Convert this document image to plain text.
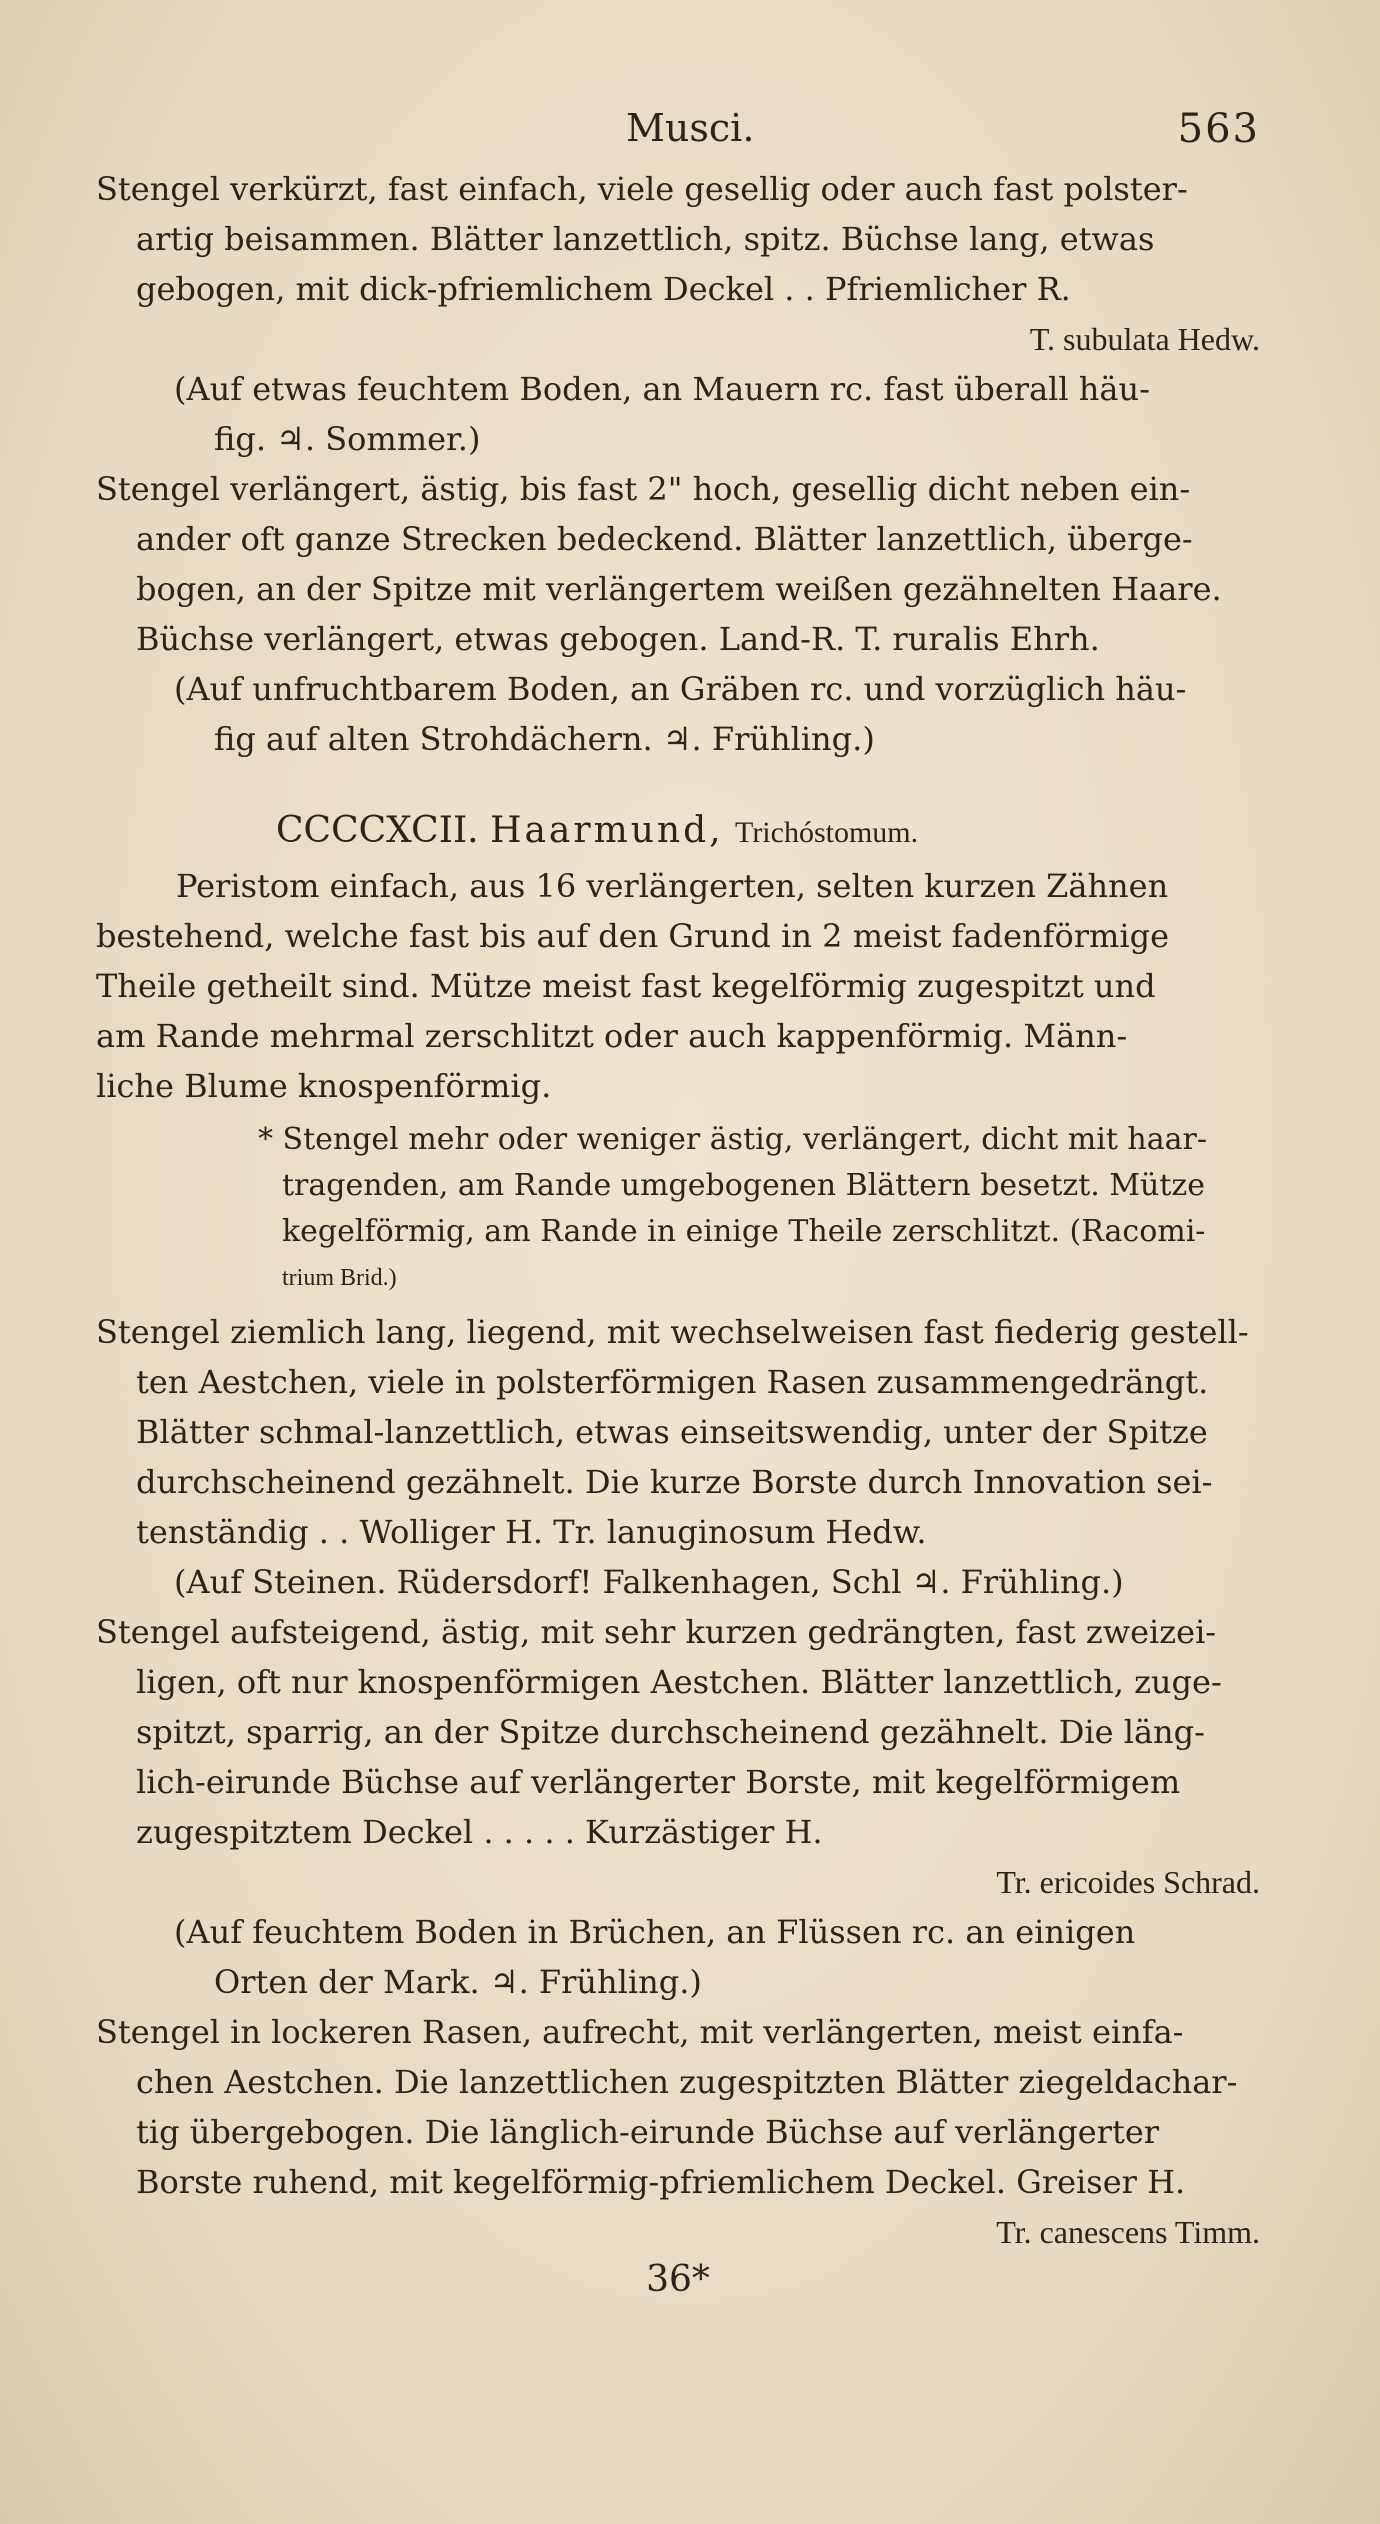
Musci.	563
Stengel verkürzt, fast einfach, viele gesellig oder auch fast polster-
artig beisammen. Blätter lanzettlich, spitz. Büchse lang, etwas
gebogen, mit dick-pfriemlichem Deckel . . Pfriemlicher R.
T. subulata Hedw.
(Auf etwas feuchtem Boden, an Mauern rc. fast überall häu-
fig. ♃. Sommer.)
Stengel verlängert, ästig, bis fast 2" hoch, gesellig dicht neben ein-
ander oft ganze Strecken bedeckend. Blätter lanzettlich, überge-
bogen, an der Spitze mit verlängertem weißen gezähnelten Haare.
Büchse verlängert, etwas gebogen. Land-R. T. ruralis Ehrh.
(Auf unfruchtbarem Boden, an Gräben rc. und vorzüglich häu-
fig auf alten Strohdächern. ♃. Frühling.)
CCCCXCII. Haarmund, Trichóstomum.
Peristom einfach, aus 16 verlängerten, selten kurzen Zähnen
bestehend, welche fast bis auf den Grund in 2 meist fadenförmige
Theile getheilt sind. Mütze meist fast kegelförmig zugespitzt und
am Rande mehrmal zerschlitzt oder auch kappenförmig. Männ-
liche Blume knospenförmig.
* Stengel mehr oder weniger ästig, verlängert, dicht mit haar-
tragenden, am Rande umgebogenen Blättern besetzt. Mütze
kegelförmig, am Rande in einige Theile zerschlitzt. (Racomi-
trium Brid.)
Stengel ziemlich lang, liegend, mit wechselweisen fast fiederig gestell-
ten Aestchen, viele in polsterförmigen Rasen zusammengedrängt.
Blätter schmal-lanzettlich, etwas einseitswendig, unter der Spitze
durchscheinend gezähnelt. Die kurze Borste durch Innovation sei-
tenständig . . Wolliger H. Tr. lanuginosum Hedw.
(Auf Steinen. Rüdersdorf! Falkenhagen, Schl ♃. Frühling.)
Stengel aufsteigend, ästig, mit sehr kurzen gedrängten, fast zweizei-
ligen, oft nur knospenförmigen Aestchen. Blätter lanzettlich, zuge-
spitzt, sparrig, an der Spitze durchscheinend gezähnelt. Die läng-
lich-eirunde Büchse auf verlängerter Borste, mit kegelförmigem
zugespitztem Deckel . . . . . Kurzästiger H.
Tr. ericoides Schrad.
(Auf feuchtem Boden in Brüchen, an Flüssen rc. an einigen
Orten der Mark. ♃. Frühling.)
Stengel in lockeren Rasen, aufrecht, mit verlängerten, meist einfa-
chen Aestchen. Die lanzettlichen zugespitzten Blätter ziegeldachar-
tig übergebogen. Die länglich-eirunde Büchse auf verlängerter
Borste ruhend, mit kegelförmig-pfriemlichem Deckel. Greiser H.
Tr. canescens Timm.
36*
